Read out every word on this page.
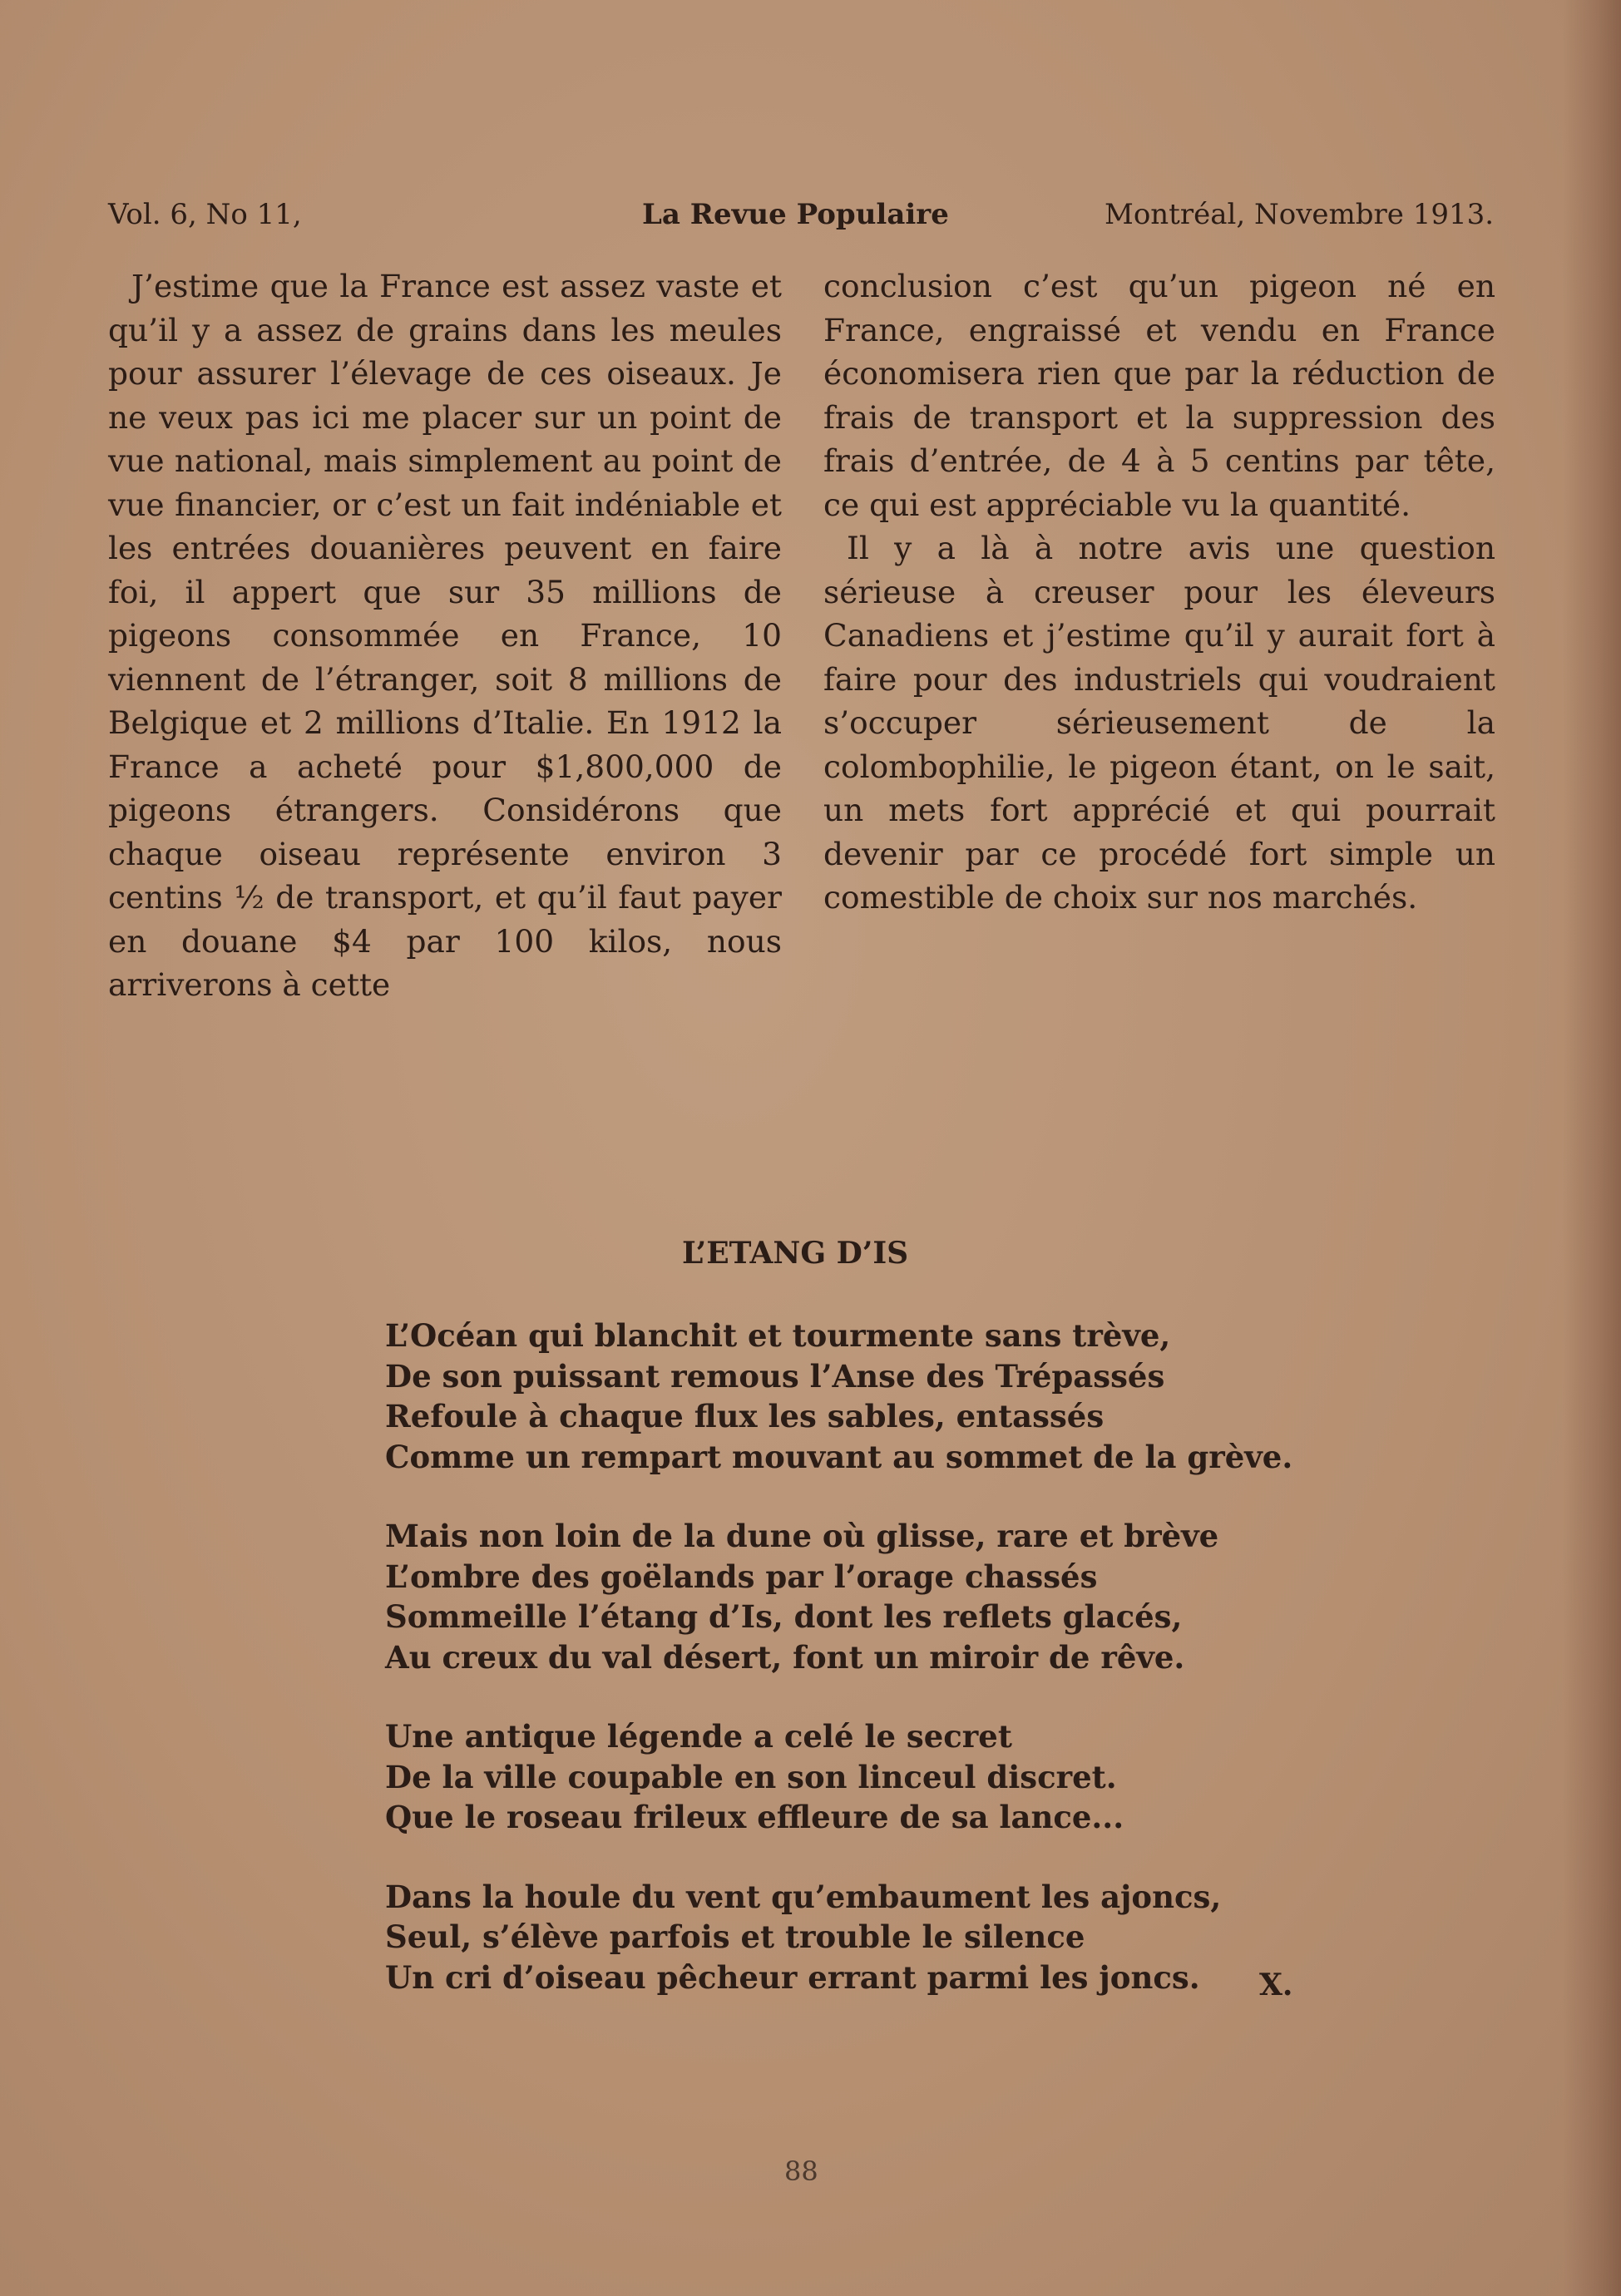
Vol. 6, No 11,	La Revue Populaire	Montréal, Novembre 1913.

J’estime que la France est assez vaste et qu’il y a assez de grains dans les meules pour assurer l’élevage de ces oiseaux. Je ne veux pas ici me placer sur un point de vue national, mais simplement au point de vue financier, or c’est un fait indéniable et les entrées douanières peuvent en faire foi, il appert que sur 35 millions de pigeons consommée en France, 10 viennent de l’étranger, soit 8 millions de Belgique et 2 millions d’Italie. En 1912 la France a acheté pour $1,800,000 de pigeons étrangers. Considérons que chaque oiseau représente environ 3 centins ½ de transport, et qu’il faut payer en douane $4 par 100 kilos, nous arriverons à cette

conclusion c’est qu’un pigeon né en France, engraissé et vendu en France économisera rien que par la réduction de frais de transport et la suppression des frais d’entrée, de 4 à 5 centins par tête, ce qui est appréciable vu la quantité.

Il y a là à notre avis une question sérieuse à creuser pour les éleveurs Canadiens et j’estime qu’il y aurait fort à faire pour des industriels qui voudraient s’occuper sérieusement de la colombophilie, le pigeon étant, on le sait, un mets fort apprécié et qui pourrait devenir par ce procédé fort simple un comestible de choix sur nos marchés.

L’ETANG D’IS
L’Océan qui blanchit et tourmente sans trève,
De son puissant remous l’Anse des Trépassés
Refoule à chaque flux les sables, entassés
Comme un rempart mouvant au sommet de la grève.
Mais non loin de la dune où glisse, rare et brève
L’ombre des goëlands par l’orage chassés
Sommeille l’étang d’Is, dont les reflets glacés,
Au creux du val désert, font un miroir de rêve.
Une antique légende a celé le secret
De la ville coupable en son linceul discret.
Que le roseau frileux effleure de sa lance...
Dans la houle du vent qu’embaument les ajoncs,
Seul, s’élève parfois et trouble le silence
Un cri d’oiseau pêcheur errant parmi les joncs.	X.
88
